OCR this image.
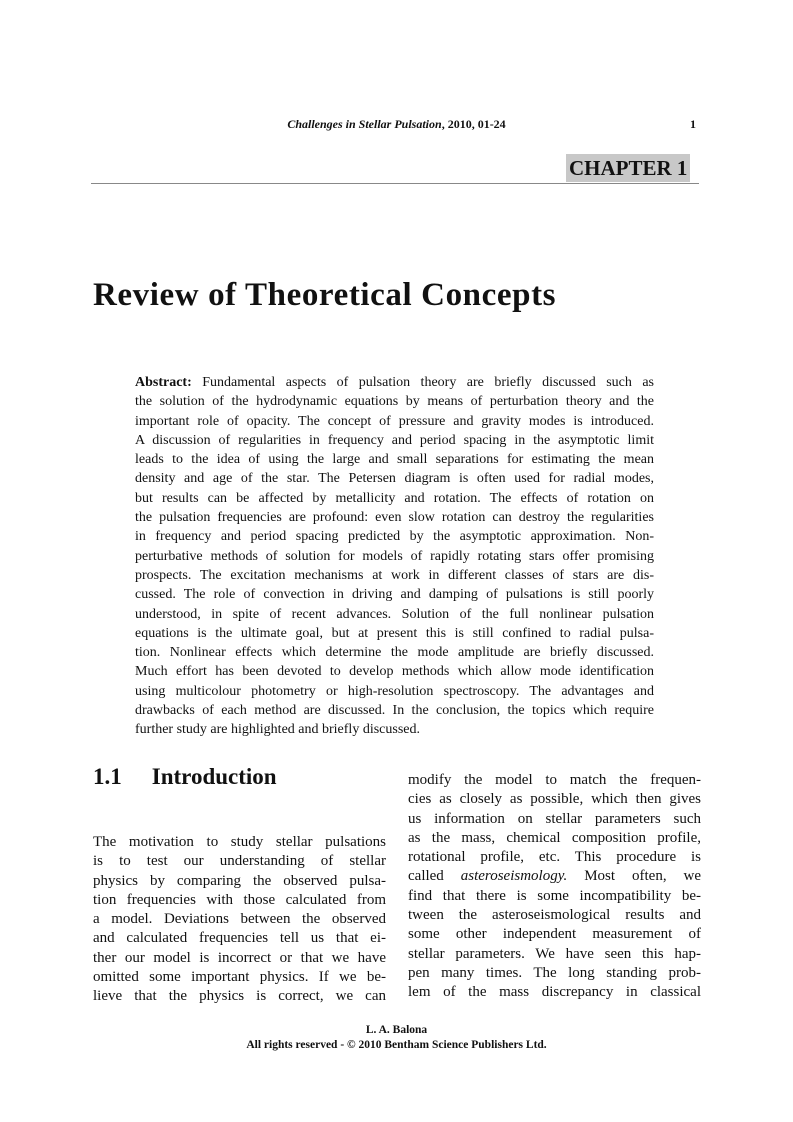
Challenges in Stellar Pulsation, 2010, 01-24	1
CHAPTER 1
Review of Theoretical Concepts
Abstract: Fundamental aspects of pulsation theory are briefly discussed such as
the solution of the hydrodynamic equations by means of perturbation theory and the
important role of opacity. The concept of pressure and gravity modes is introduced.
A discussion of regularities in frequency and period spacing in the asymptotic limit
leads to the idea of using the large and small separations for estimating the mean
density and age of the star. The Petersen diagram is often used for radial modes,
but results can be affected by metallicity and rotation. The effects of rotation on
the pulsation frequencies are profound: even slow rotation can destroy the regularities
in frequency and period spacing predicted by the asymptotic approximation. Non-
perturbative methods of solution for models of rapidly rotating stars offer promising
prospects. The excitation mechanisms at work in different classes of stars are dis-
cussed. The role of convection in driving and damping of pulsations is still poorly
understood, in spite of recent advances. Solution of the full nonlinear pulsation
equations is the ultimate goal, but at present this is still confined to radial pulsa-
tion. Nonlinear effects which determine the mode amplitude are briefly discussed.
Much effort has been devoted to develop methods which allow mode identification
using multicolour photometry or high-resolution spectroscopy. The advantages and
drawbacks of each method are discussed. In the conclusion, the topics which require
further study are highlighted and briefly discussed.
1.1 Introduction
The motivation to study stellar pulsations
is to test our understanding of stellar
physics by comparing the observed pulsa-
tion frequencies with those calculated from
a model. Deviations between the observed
and calculated frequencies tell us that ei-
ther our model is incorrect or that we have
omitted some important physics. If we be-
lieve that the physics is correct, we can
modify the model to match the frequen-
cies as closely as possible, which then gives
us information on stellar parameters such
as the mass, chemical composition profile,
rotational profile, etc. This procedure is
called asteroseismology. Most often, we
find that there is some incompatibility be-
tween the asteroseismological results and
some other independent measurement of
stellar parameters. We have seen this hap-
pen many times. The long standing prob-
lem of the mass discrepancy in classical
L. A. Balona
All rights reserved - © 2010 Bentham Science Publishers Ltd.
